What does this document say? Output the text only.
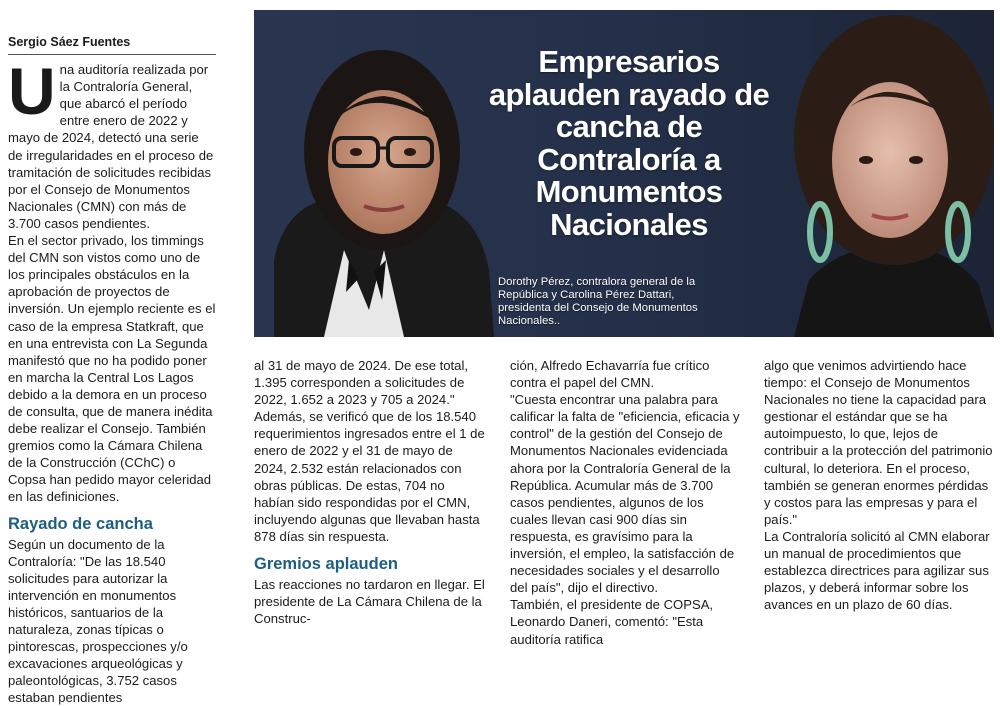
Sergio Sáez Fuentes

Una auditoría realizada por la Contraloría General, que abarcó el período entre enero de 2022 y mayo de 2024, detectó una serie de irregularidades en el proceso de tramitación de solicitudes recibidas por el Consejo de Monumentos Nacionales (CMN) con más de 3.700 casos pendientes.

En el sector privado, los timmings del CMN son vistos como uno de los principales obstáculos en la aprobación de proyectos de inversión. Un ejemplo reciente es el caso de la empresa Statkraft, que en una entrevista con La Segunda manifestó que no ha podido poner en marcha la Central Los Lagos debido a la demora en un proceso de consulta, que de manera inédita debe realizar el Consejo. También gremios como la Cámara Chilena de la Construcción (CChC) o Copsa han pedido mayor celeridad en las definiciones.

Rayado de cancha

Según un documento de la Contraloría: "De las 18.540 solicitudes para autorizar la intervención en monumentos históricos, santuarios de la naturaleza, zonas típicas o pintorescas, prospecciones y/o excavaciones arqueológicas y paleontológicas, 3.752 casos estaban pendientes

Empresarios aplauden rayado de cancha de Contraloría a Monumentos Nacionales
Dorothy Pérez, contralora general de la República y Carolina Pérez Dattari, presidenta del Consejo de Monumentos Nacionales..

al 31 de mayo de 2024. De ese total, 1.395 corresponden a solicitudes de 2022, 1.652 a 2023 y 705 a 2024."

Además, se verificó que de los 18.540 requerimientos ingresados entre el 1 de enero de 2022 y el 31 de mayo de 2024, 2.532 están relacionados con obras públicas. De estas, 704 no habían sido respondidas por el CMN, incluyendo algunas que llevaban hasta 878 días sin respuesta.

Gremios aplauden

Las reacciones no tardaron en llegar. El presidente de La Cámara Chilena de la Construc-

ción, Alfredo Echavarría fue crítico contra el papel del CMN.

"Cuesta encontrar una palabra para calificar la falta de "eficiencia, eficacia y control" de la gestión del Consejo de Monumentos Nacionales evidenciada ahora por la Contraloría General de la República. Acumular más de 3.700 casos pendientes, algunos de los cuales llevan casi 900 días sin respuesta, es gravísimo para la inversión, el empleo, la satisfacción de necesidades sociales y el desarrollo del país", dijo el directivo.

También, el presidente de COPSA, Leonardo Daneri, comentó: "Esta auditoría ratifica

algo que venimos advirtiendo hace tiempo: el Consejo de Monumentos Nacionales no tiene la capacidad para gestionar el estándar que se ha autoimpuesto, lo que, lejos de contribuir a la protección del patrimonio cultural, lo deteriora. En el proceso, también se generan enormes pérdidas y costos para las empresas y para el país."

La Contraloría solicitó al CMN elaborar un manual de procedimientos que establezca directrices para agilizar sus plazos, y deberá informar sobre los avances en un plazo de 60 días.
